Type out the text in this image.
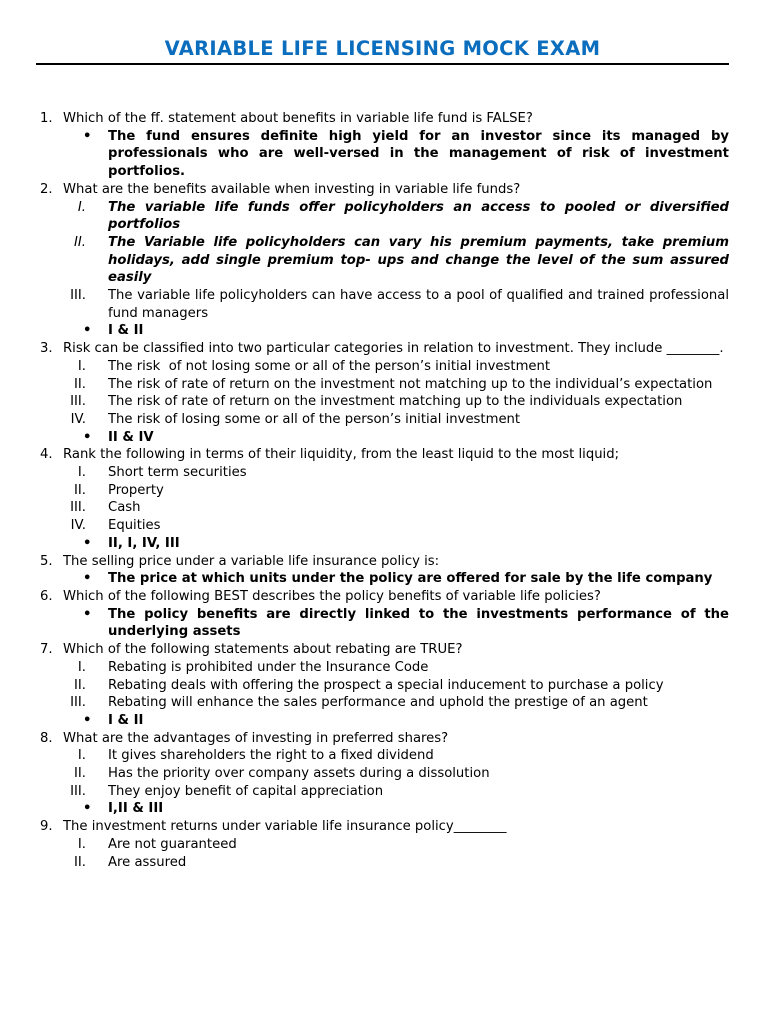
VARIABLE LIFE LICENSING MOCK EXAM
1. Which of the ff. statement about benefits in variable life fund is FALSE?
• The fund ensures definite high yield for an investor since its managed by professionals who are well-versed in the management of risk of investment portfolios.
2. What are the benefits available when investing in variable life funds?
I. The variable life funds offer policyholders an access to pooled or diversified portfolios
II. The Variable life policyholders can vary his premium payments, take premium holidays, add single premium top- ups and change the level of the sum assured easily
III. The variable life policyholders can have access to a pool of qualified and trained professional fund managers
• I & II
3. Risk can be classified into two particular categories in relation to investment. They include ________.
I. The risk  of not losing some or all of the person’s initial investment
II. The risk of rate of return on the investment not matching up to the individual’s expectation
III. The risk of rate of return on the investment matching up to the individuals expectation
IV. The risk of losing some or all of the person’s initial investment
• II & IV
4. Rank the following in terms of their liquidity, from the least liquid to the most liquid;
I. Short term securities
II. Property
III. Cash
IV. Equities
• II, I, IV, III
5. The selling price under a variable life insurance policy is:
• The price at which units under the policy are offered for sale by the life company
6. Which of the following BEST describes the policy benefits of variable life policies?
• The policy benefits are directly linked to the investments performance of the underlying assets
7. Which of the following statements about rebating are TRUE?
I. Rebating is prohibited under the Insurance Code
II. Rebating deals with offering the prospect a special inducement to purchase a policy
III. Rebating will enhance the sales performance and uphold the prestige of an agent
• I & II
8. What are the advantages of investing in preferred shares?
I. It gives shareholders the right to a fixed dividend
II. Has the priority over company assets during a dissolution
III. They enjoy benefit of capital appreciation
• I,II & III
9. The investment returns under variable life insurance policy________
I. Are not guaranteed
II. Are assured
